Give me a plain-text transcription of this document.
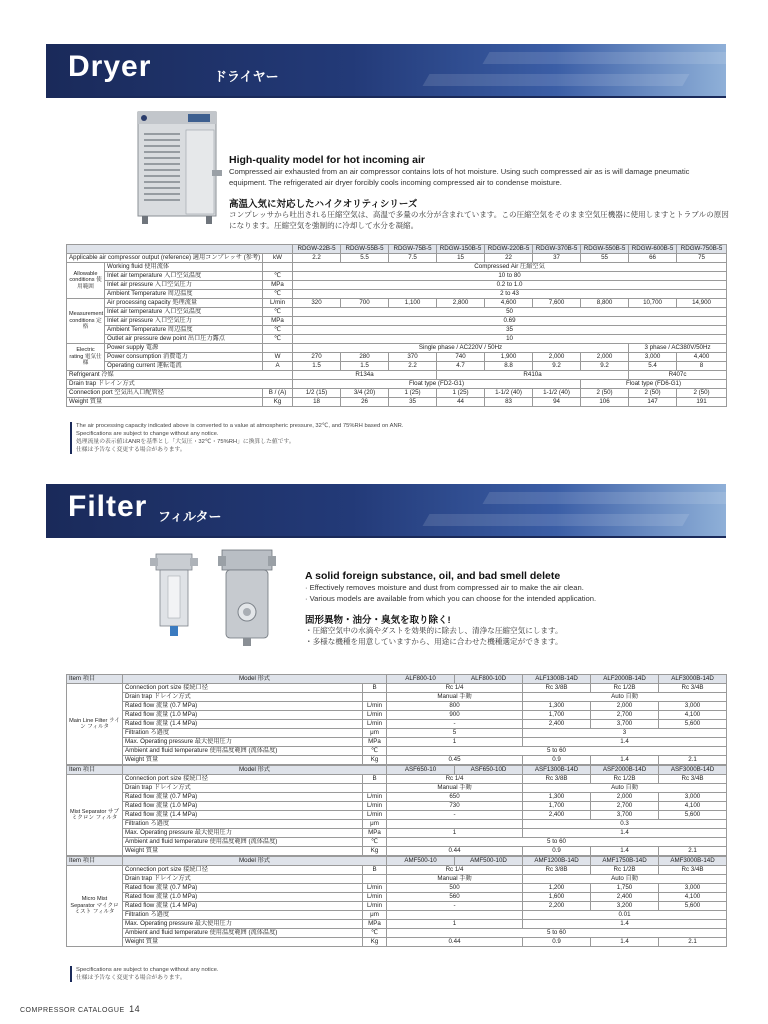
Dryer	ドライヤー
High-quality model for hot incoming air
Compressed air exhausted from an air compressor contains lots of hot moisture. Using such compressed air as is will damage pneumatic equipment. The refrigerated air dryer forcibly cools incoming compressed air to condense moisture.
高温入気に対応したハイクオリティシリーズ
コンプレッサから吐出される圧縮空気は、高温で多量の水分が含まれています。この圧縮空気をそのまま空気圧機器に使用しますとトラブルの原因になります。圧縮空気を強制的に冷却して水分を凝縮。
			RDGW-22B-5	RDGW-55B-5	RDGW-75B-5	RDGW-150B-5	RDGW-220B-5	RDGW-370B-5	RDGW-550B-5	RDGW-600B-5	RDGW-750B-5
Applicable air compressor output (reference) 適用コンプレッサ (参考)		kW	2.2	5.5	7.5	15	22	37	55	66	75
Allowable conditions 使用範囲	Working fluid 使用流体		Compressed Air 圧縮空気								
	Inlet air temperature 入口空気温度	℃	10 to 80								
	Inlet air pressure 入口空気圧力	MPa	0.2 to 1.0								
	Ambient Temperature 周辺温度	℃	2 to 43								
Measurement conditions 定格	Air processing capacity 処理流量	L/min	320	700	1,100	2,800	4,600	7,600	8,800	10,700	14,900
	Inlet air temperature 入口空気温度	℃	50								
	Inlet air pressure 入口空気圧力	MPa	0.69								
	Ambient Temperature 周辺温度	℃	35								
	Outlet air pressure dew point 出口圧力露点	℃	10								
Electric rating 電気仕様	Power supply 電源		Single phase / AC220V / 50Hz							3 phase / AC380V/50Hz	
	Power consumption 消費電力	W	270	280	370	740	1,900	2,000	2,000	3,000	4,400
	Operating current 運転電流	A	1.5	1.5	2.2	4.7	8.8	9.2	9.2	5.4	8
Refrigerant 冷媒			R134a			R410a				R407c	
Drain trap ドレイン方式			Float type (FD2-G1)						Float type (FD6-G1)		
Connection port 空気出入口配管径		B / (A)	1/2 (15)	3/4 (20)	1 (25)	1 (25)	1-1/2 (40)	1-1/2 (40)	2 (50)	2 (50)	2 (50)
Weight 質量		Kg	18	26	35	44	83	94	106	147	191
The air processing capacity indicated above is converted to a value at atmospheric pressure, 32℃, and 75%RH based on ANR.
Specifications are subject to change without any notice.
処理流量の表示値はANRを基準とし「大気圧・32℃・75%RH」に換算した値です。
仕様は予告なく変更する場合があります。
Filter フィルター
A solid foreign substance, oil, and bad smell delete
· Effectively removes moisture and dust from compressed air to make the air clean.
· Various models are available from which you can choose for the intended application.
固形異物・油分・臭気を取り除く!
・圧縮空気中の水滴やダストを効果的に除去し、清浄な圧縮空気にします。
・多様な機種を用意していますから、用途に合わせた機種選定ができます。
Item 項目	Model 形式		ALF800-10	ALF800-10D	ALF1300B-14D	ALF2000B-14D	ALF3000B-14D
Main Line Filter ライン フィルタ	Connection port size 接続口径	B	Rc 1/4		Rc 3/8B	Rc 1/2B	Rc 3/4B
	Drain trap ドレイン方式		Manual 手動		Auto 自動		
	Rated flow 流量 (0.7 MPa)	L/min	800		1,300	2,000	3,000
	Rated flow 流量 (1.0 MPa)	L/min	900		1,700	2,700	4,100
	Rated flow 流量 (1.4 MPa)	L/min	-		2,400	3,700	5,600
	Filtration ろ過度	μm	5		3		
	Max. Operating pressure 最大使用圧力	MPa	1		1.4		
	Ambient and fluid temperature 使用温度範囲 (流体温度)	℃	5 to 60				
	Weight 質量	Kg	0.45		0.9	1.4	2.1
Item 項目	Model 形式		ASF650-10	ASF650-10D	ASF1300B-14D	ASF2000B-14D	ASF3000B-14D
Mist Separator サブミクロン フィルタ	Connection port size 接続口径	B	Rc 1/4		Rc 3/8B	Rc 1/2B	Rc 3/4B
	Drain trap ドレイン方式		Manual 手動		Auto 自動		
	Rated flow 流量 (0.7 MPa)	L/min	650		1,300	2,000	3,000
	Rated flow 流量 (1.0 MPa)	L/min	730		1,700	2,700	4,100
	Rated flow 流量 (1.4 MPa)	L/min	-		2,400	3,700	5,600
	Filtration ろ過度	μm			0.3		
	Max. Operating pressure 最大使用圧力	MPa	1		1.4		
	Ambient and fluid temperature 使用温度範囲 (流体温度)	℃	5 to 60				
	Weight 質量	Kg	0.44		0.9	1.4	2.1
Item 項目	Model 形式		AMF500-10	AMF500-10D	AMF1200B-14D	AMF1750B-14D	AMF3000B-14D
Micro Mist Separator マイクロミスト フィルタ	Connection port size 接続口径	B	Rc 1/4		Rc 3/8B	Rc 1/2B	Rc 3/4B
	Drain trap ドレイン方式		Manual 手動		Auto 自動		
	Rated flow 流量 (0.7 MPa)	L/min	500		1,200	1,750	3,000
	Rated flow 流量 (1.0 MPa)	L/min	560		1,600	2,400	4,100
	Rated flow 流量 (1.4 MPa)	L/min	-		2,200	3,200	5,600
	Filtration ろ過度	μm			0.01		
	Max. Operating pressure 最大使用圧力	MPa	1		1.4		
	Ambient and fluid temperature 使用温度範囲 (流体温度)	℃	5 to 60				
	Weight 質量	Kg	0.44		0.9	1.4	2.1
Specifications are subject to change without any notice.
仕様は予告なく変更する場合があります。
COMPRESSOR CATALOGUE 14
